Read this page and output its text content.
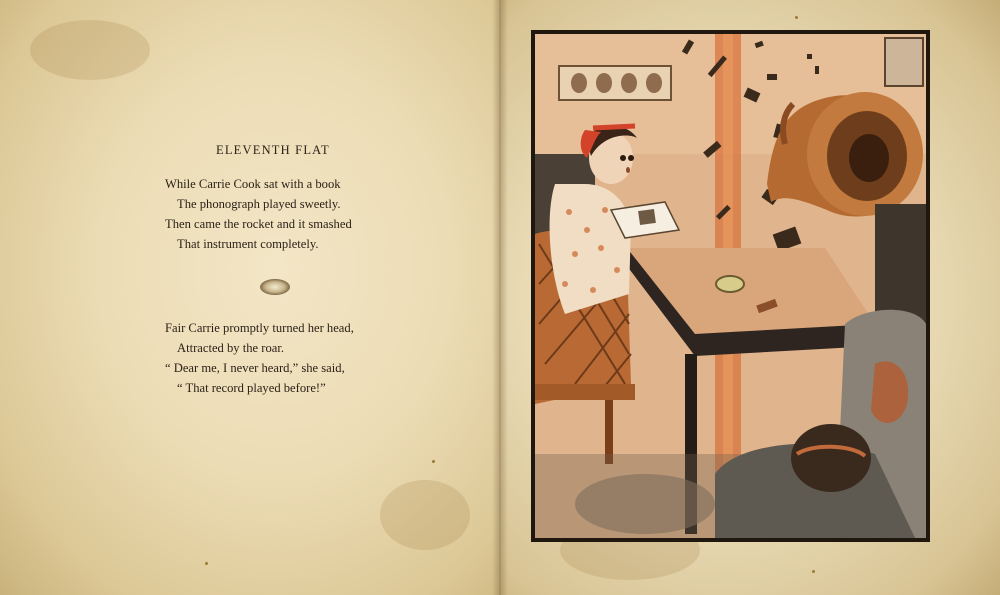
ELEVENTH FLAT
While Carrie Cook sat with a book
The phonograph played sweetly.
Then came the rocket and it smashed
That instrument completely.
Fair Carrie promptly turned her head,
Attracted by the roar.
“ Dear me, I never heard,” she said,
“ That record played before!”
